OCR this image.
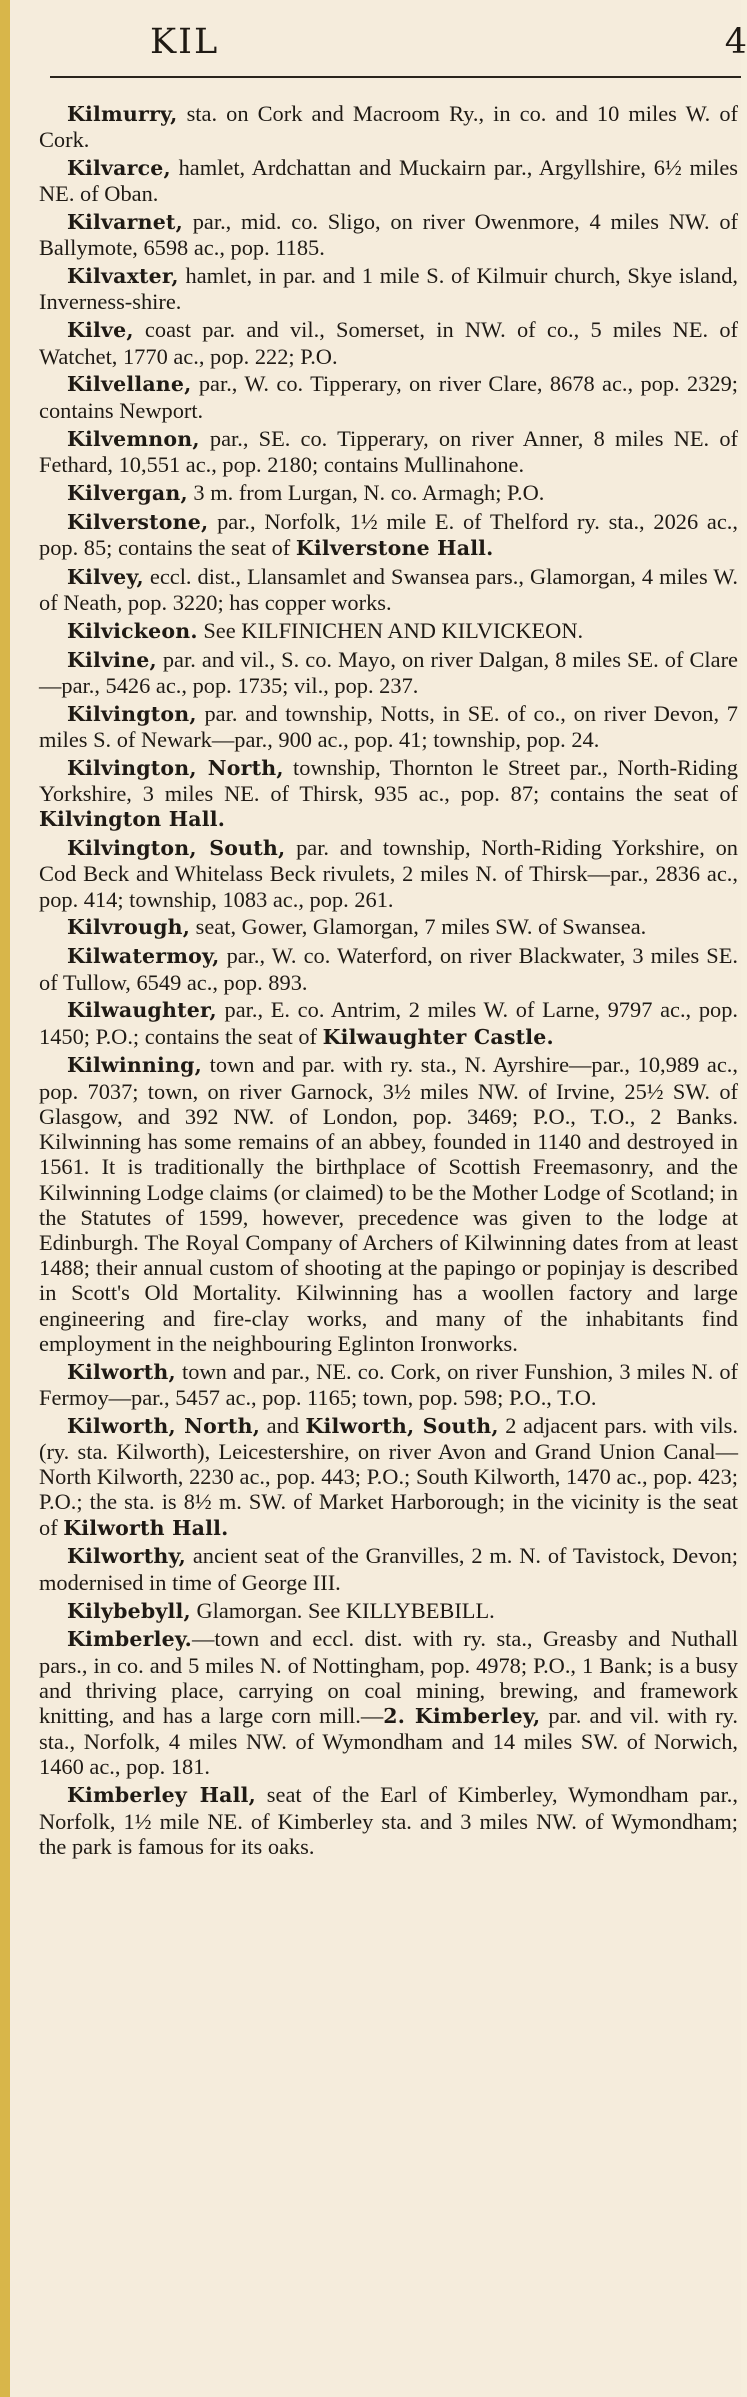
KIL	4

Kilmurry, sta. on Cork and Macroom Ry., in co. and 10 miles W. of Cork.

Kilvarce, hamlet, Ardchattan and Muckairn par., Argyllshire, 6½ miles NE. of Oban.

Kilvarnet, par., mid. co. Sligo, on river Owenmore, 4 miles NW. of Ballymote, 6598 ac., pop. 1185.

Kilvaxter, hamlet, in par. and 1 mile S. of Kilmuir church, Skye island, Inverness-shire.

Kilve, coast par. and vil., Somerset, in NW. of co., 5 miles NE. of Watchet, 1770 ac., pop. 222; P.O.

Kilvellane, par., W. co. Tipperary, on river Clare, 8678 ac., pop. 2329; contains Newport.

Kilvemnon, par., SE. co. Tipperary, on river Anner, 8 miles NE. of Fethard, 10,551 ac., pop. 2180; contains Mullinahone.

Kilvergan, 3 m. from Lurgan, N. co. Armagh; P.O.

Kilverstone, par., Norfolk, 1½ mile E. of Thelford ry. sta., 2026 ac., pop. 85; contains the seat of Kilverstone Hall.

Kilvey, eccl. dist., Llansamlet and Swansea pars., Glamorgan, 4 miles W. of Neath, pop. 3220; has copper works.

Kilvickeon. See KILFINICHEN AND KILVICKEON.

Kilvine, par. and vil., S. co. Mayo, on river Dalgan, 8 miles SE. of Clare—par., 5426 ac., pop. 1735; vil., pop. 237.

Kilvington, par. and township, Notts, in SE. of co., on river Devon, 7 miles S. of Newark—par., 900 ac., pop. 41; township, pop. 24.

Kilvington, North, township, Thornton le Street par., North-Riding Yorkshire, 3 miles NE. of Thirsk, 935 ac., pop. 87; contains the seat of Kilvington Hall.

Kilvington, South, par. and township, North-Riding Yorkshire, on Cod Beck and Whitelass Beck rivulets, 2 miles N. of Thirsk—par., 2836 ac., pop. 414; township, 1083 ac., pop. 261.

Kilvrough, seat, Gower, Glamorgan, 7 miles SW. of Swansea.

Kilwatermoy, par., W. co. Waterford, on river Blackwater, 3 miles SE. of Tullow, 6549 ac., pop. 893.

Kilwaughter, par., E. co. Antrim, 2 miles W. of Larne, 9797 ac., pop. 1450; P.O.; contains the seat of Kilwaughter Castle.

Kilwinning, town and par. with ry. sta., N. Ayrshire—par., 10,989 ac., pop. 7037; town, on river Garnock, 3½ miles NW. of Irvine, 25½ SW. of Glasgow, and 392 NW. of London, pop. 3469; P.O., T.O., 2 Banks. Kilwinning has some remains of an abbey, founded in 1140 and destroyed in 1561. It is traditionally the birthplace of Scottish Freemasonry, and the Kilwinning Lodge claims (or claimed) to be the Mother Lodge of Scotland; in the Statutes of 1599, however, precedence was given to the lodge at Edinburgh. The Royal Company of Archers of Kilwinning dates from at least 1488; their annual custom of shooting at the papingo or popinjay is described in Scott's Old Mortality. Kilwinning has a woollen factory and large engineering and fire-clay works, and many of the inhabitants find employment in the neighbouring Eglinton Ironworks.

Kilworth, town and par., NE. co. Cork, on river Funshion, 3 miles N. of Fermoy—par., 5457 ac., pop. 1165; town, pop. 598; P.O., T.O.

Kilworth, North, and Kilworth, South, 2 adjacent pars. with vils. (ry. sta. Kilworth), Leicestershire, on river Avon and Grand Union Canal—North Kilworth, 2230 ac., pop. 443; P.O.; South Kilworth, 1470 ac., pop. 423; P.O.; the sta. is 8½ m. SW. of Market Harborough; in the vicinity is the seat of Kilworth Hall.

Kilworthy, ancient seat of the Granvilles, 2 m. N. of Tavistock, Devon; modernised in time of George III.

Kilybebyll, Glamorgan. See KILLYBEBILL.

Kimberley.—town and eccl. dist. with ry. sta., Greasby and Nuthall pars., in co. and 5 miles N. of Nottingham, pop. 4978; P.O., 1 Bank; is a busy and thriving place, carrying on coal mining, brewing, and framework knitting, and has a large corn mill.—2. Kimberley, par. and vil. with ry. sta., Norfolk, 4 miles NW. of Wymondham and 14 miles SW. of Norwich, 1460 ac., pop. 181.

Kimberley Hall, seat of the Earl of Kimberley, Wymondham par., Norfolk, 1½ mile NE. of Kimberley sta. and 3 miles NW. of Wymondham; the park is famous for its oaks.
